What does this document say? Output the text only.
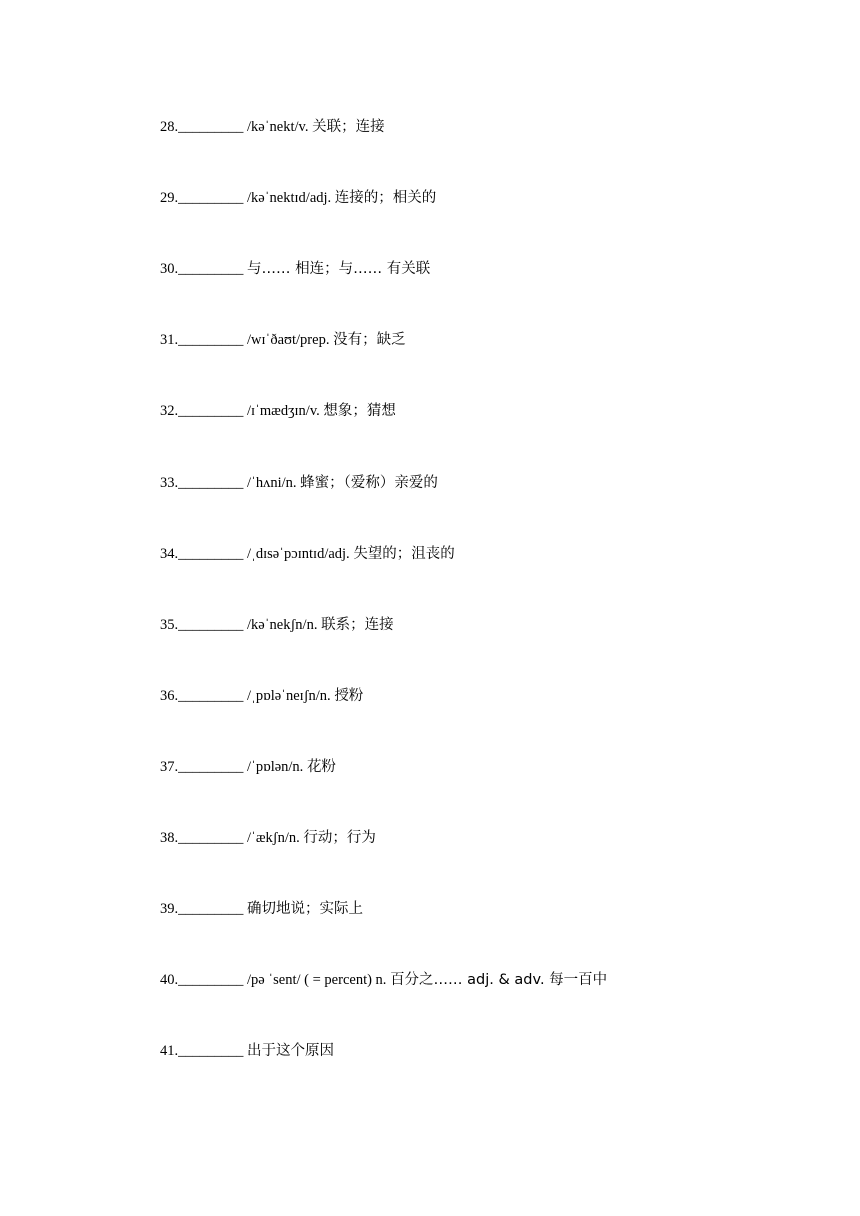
28._________ /kəˈnekt/v. 关联；连接
29._________ /kəˈnektɪd/adj. 连接的；相关的
30._________ 与…… 相连；与…… 有关联
31._________ /wɪˈðaʊt/prep. 没有；缺乏
32._________ /ɪˈmædʒɪn/v. 想象；猜想
33._________ /ˈhʌni/n. 蜂蜜；（爱称）亲爱的
34._________ /ˌdɪsəˈpɔɪntɪd/adj. 失望的；沮丧的
35._________ /kəˈnekʃn/n. 联系；连接
36._________ /ˌpɒləˈneɪʃn/n. 授粉
37._________ /ˈpɒlən/n. 花粉
38._________ /ˈækʃn/n. 行动；行为
39._________ 确切地说；实际上
40._________ /pə ˈsent/ ( = percent) n. 百分之…… adj. & adv. 每一百中
41._________ 出于这个原因
